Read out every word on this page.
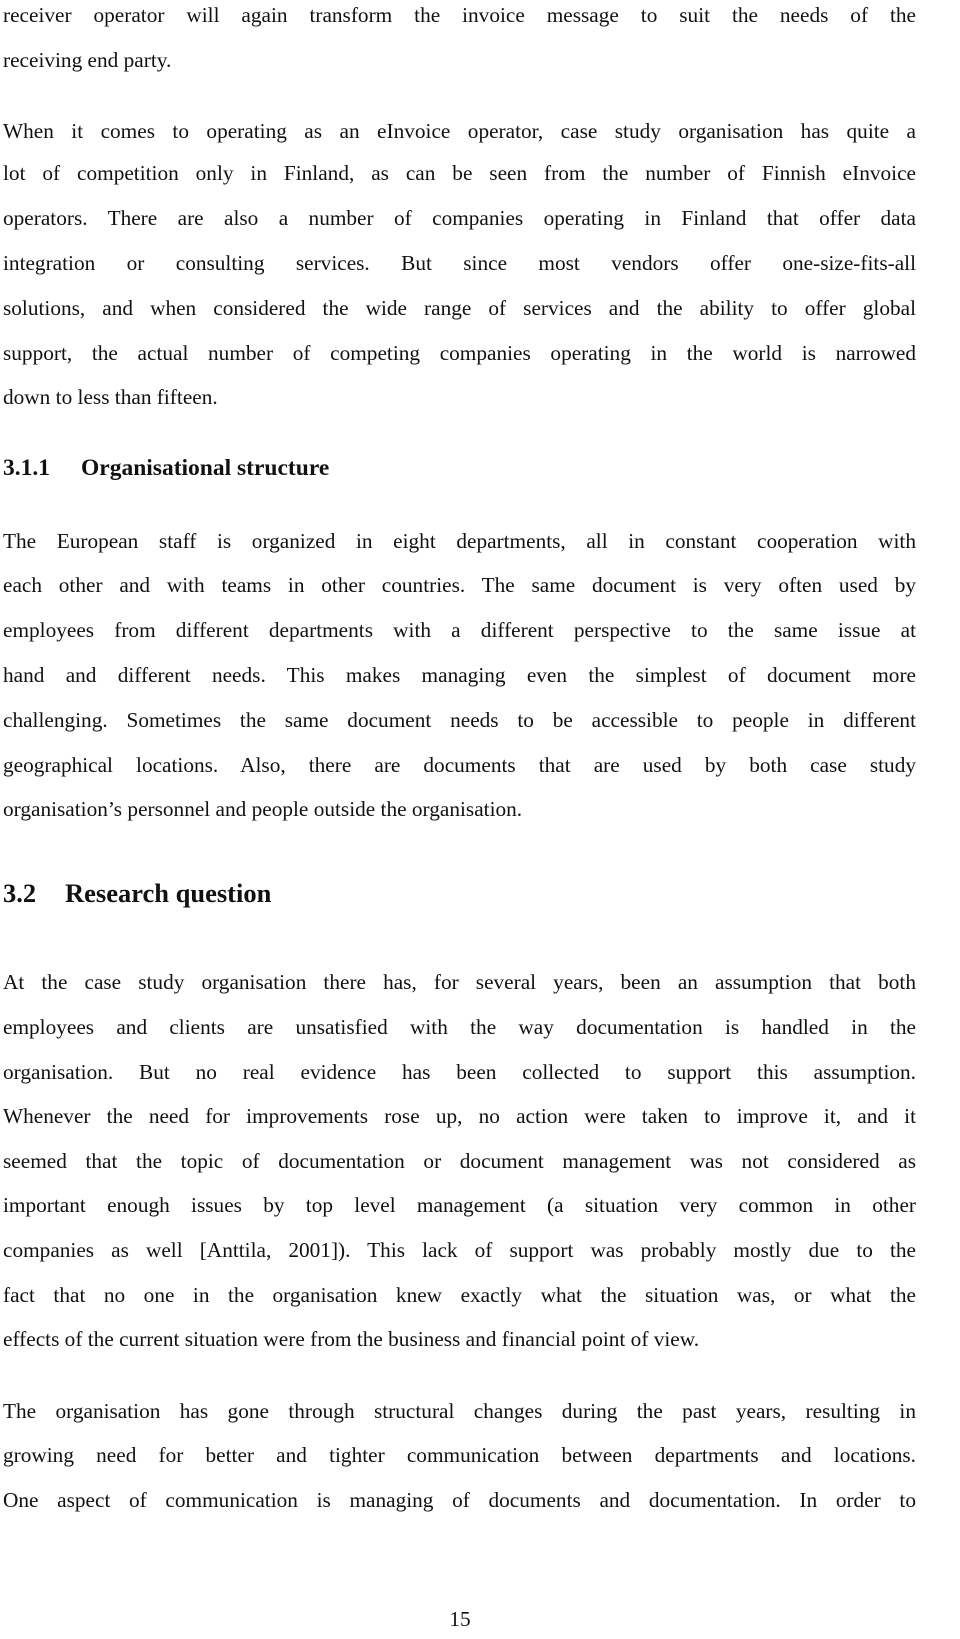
receiver operator will again transform the invoice message to suit the needs of the
receiving end party.
When it comes to operating as an eInvoice operator, case study organisation has quite a
lot of competition only in Finland, as can be seen from the number of Finnish eInvoice
operators. There are also a number of companies operating in Finland that offer data
integration or consulting services. But since most vendors offer one-size-fits-all
solutions, and when considered the wide range of services and the ability to offer global
support, the actual number of competing companies operating in the world is narrowed
down to less than fifteen.
3.1.1 Organisational structure
The European staff is organized in eight departments, all in constant cooperation with
each other and with teams in other countries. The same document is very often used by
employees from different departments with a different perspective to the same issue at
hand and different needs. This makes managing even the simplest of document more
challenging. Sometimes the same document needs to be accessible to people in different
geographical locations. Also, there are documents that are used by both case study
organisation’s personnel and people outside the organisation.
3.2 Research question
At the case study organisation there has, for several years, been an assumption that both
employees and clients are unsatisfied with the way documentation is handled in the
organisation. But no real evidence has been collected to support this assumption.
Whenever the need for improvements rose up, no action were taken to improve it, and it
seemed that the topic of documentation or document management was not considered as
important enough issues by top level management (a situation very common in other
companies as well [Anttila, 2001]). This lack of support was probably mostly due to the
fact that no one in the organisation knew exactly what the situation was, or what the
effects of the current situation were from the business and financial point of view.
The organisation has gone through structural changes during the past years, resulting in
growing need for better and tighter communication between departments and locations.
One aspect of communication is managing of documents and documentation. In order to
15
